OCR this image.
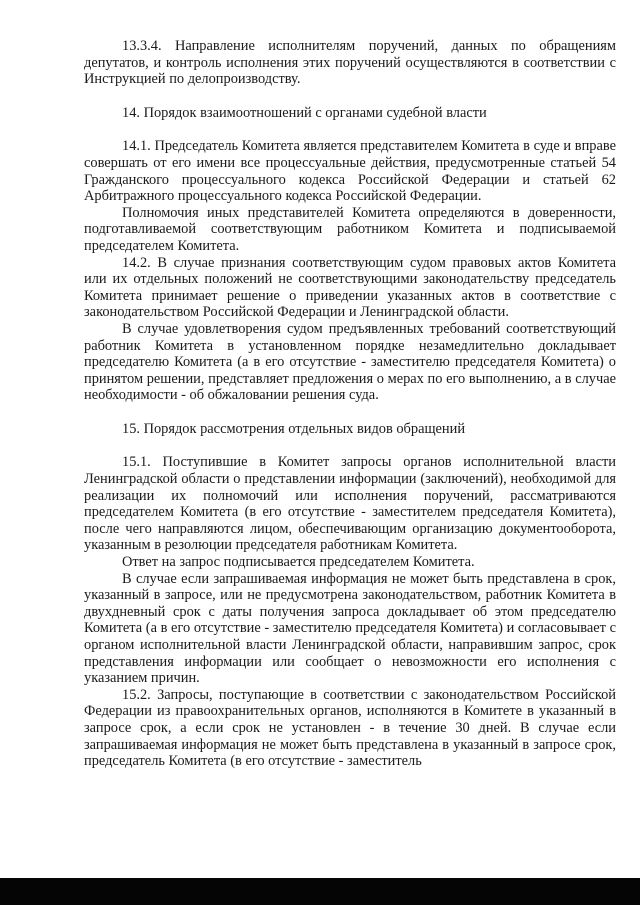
13.3.4. Направление исполнителям поручений, данных по обращениям депутатов, и контроль исполнения этих поручений осуществляются в соответствии с Инструкцией по делопроизводству.

14. Порядок взаимоотношений с органами судебной власти

14.1. Председатель Комитета является представителем Комитета в суде и вправе совершать от его имени все процессуальные действия, предусмотренные статьей 54 Гражданского процессуального кодекса Российской Федерации и статьей 62 Арбитражного процессуального кодекса Российской Федерации.

Полномочия иных представителей Комитета определяются в доверенности, подготавливаемой соответствующим работником Комитета и подписываемой председателем Комитета.

14.2. В случае признания соответствующим судом правовых актов Комитета или их отдельных положений не соответствующими законодательству председатель Комитета принимает решение о приведении указанных актов в соответствие с законодательством Российской Федерации и Ленинградской области.

В случае удовлетворения судом предъявленных требований соответствующий работник Комитета в установленном порядке незамедлительно докладывает председателю Комитета (а в его отсутствие - заместителю председателя Комитета) о принятом решении, представляет предложения о мерах по его выполнению, а в случае необходимости - об обжаловании решения суда.

15. Порядок рассмотрения отдельных видов обращений

15.1. Поступившие в Комитет запросы органов исполнительной власти Ленинградской области о представлении информации (заключений), необходимой для реализации их полномочий или исполнения поручений, рассматриваются председателем Комитета (в его отсутствие - заместителем председателя Комитета), после чего направляются лицом, обеспечивающим организацию документооборота, указанным в резолюции председателя работникам Комитета.

Ответ на запрос подписывается председателем Комитета.

В случае если запрашиваемая информация не может быть представлена в срок, указанный в запросе, или не предусмотрена законодательством, работник Комитета в двухдневный срок с даты получения запроса докладывает об этом председателю Комитета (а в его отсутствие - заместителю председателя Комитета) и согласовывает с органом исполнительной власти Ленинградской области, направившим запрос, срок представления информации или сообщает о невозможности его исполнения с указанием причин.

15.2. Запросы, поступающие в соответствии с законодательством Российской Федерации из правоохранительных органов, исполняются в Комитете в указанный в запросе срок, а если срок не установлен - в течение 30 дней. В случае если запрашиваемая информация не может быть представлена в указанный в запросе срок, председатель Комитета (в его отсутствие - заместитель
